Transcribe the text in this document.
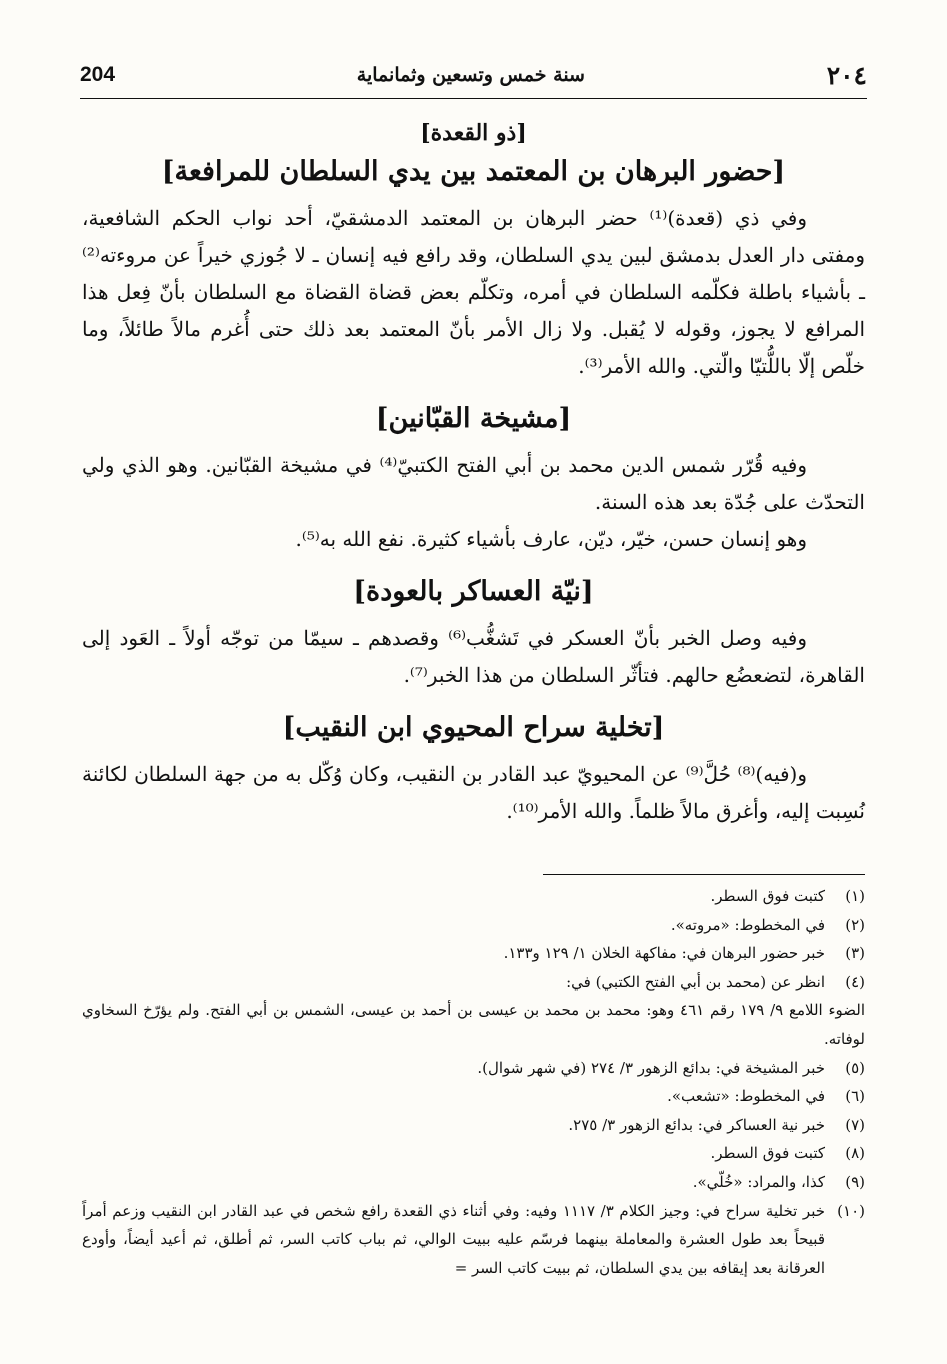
204	سنة خمس وتسعين وثمانماية	٢٠٤
[ذو القعدة]
[حضور البرهان بن المعتمد بين يدي السلطان للمرافعة]

وفي ذي (قعدة)⁽¹⁾ حضر البرهان بن المعتمد الدمشقيّ، أحد نواب الحكم الشافعية، ومفتى دار العدل بدمشق لبين يدي السلطان، وقد رافع فيه إنسان ـ لا جُوزي خيراً عن مروءته⁽²⁾ ـ بأشياء باطلة فكلّمه السلطان في أمره، وتكلّم بعض قضاة القضاة مع السلطان بأنّ فِعل هذا المرافع لا يجوز، وقوله لا يُقبل. ولا زال الأمر بأنّ المعتمد بعد ذلك حتى أُغرم مالاً طائلاً، وما خلّص إلّا باللُّتيّا والّتي. والله الأمر⁽³⁾.

[مشيخة القبّانين]

وفيه قُرّر شمس الدين محمد بن أبي الفتح الكتبيّ⁽⁴⁾ في مشيخة القبّانين. وهو الذي ولي التحدّث على جُدّة بعد هذه السنة.

وهو إنسان حسن، خيّر، ديّن، عارف بأشياء كثيرة. نفع الله به⁽⁵⁾.

[نيّة العساكر بالعودة]

وفيه وصل الخبر بأنّ العسكر في تَشغُّب⁽⁶⁾ وقصدهم ـ سيمّا من توجّه أولاً ـ العَود إلى القاهرة، لتضعضُع حالهم. فتأثّر السلطان من هذا الخبر⁽⁷⁾.

[تخلية سراح المحيوي ابن النقيب]

و(فيه)⁽⁸⁾ حُلَّ⁽⁹⁾ عن المحيويّ عبد القادر بن النقيب، وكان وُكّل به من جهة السلطان لكائنة نُسِبت إليه، وأغرق مالاً ظلماً. والله الأمر⁽¹⁰⁾.

(١)
كتبت فوق السطر.
(٢)
في المخطوط: «مروته».
(٣)
خبر حضور البرهان في: مفاكهة الخلان ١/ ١٢٩ و١٣٣.
(٤)
انظر عن (محمد بن أبي الفتح الكتبي) في:
الضوء اللامع ٩/ ١٧٩ رقم ٤٦١ وهو: محمد بن محمد بن عيسى بن أحمد بن عيسى، الشمس بن أبي الفتح. ولم يؤرّخ السخاوي لوفاته.
(٥)
خبر المشيخة في: بدائع الزهور ٣/ ٢٧٤ (في شهر شوال).
(٦)
في المخطوط: «تشعب».
(٧)
خبر نية العساكر في: بدائع الزهور ٣/ ٢٧٥.
(٨)
كتبت فوق السطر.
(٩)
كذا، والمراد: «خُلّي».
(١٠)
خبر تخلية سراح في: وجيز الكلام ٣/ ١١١٧ وفيه: وفي أثناء ذي القعدة رافع شخص في عبد القادر ابن النقيب وزعم أمراً قبيحاً بعد طول العشرة والمعاملة بينهما فرسّم عليه ببيت الوالي، ثم بباب كاتب السر، ثم أطلق، ثم أعيد أيضاً، وأودع العرقانة بعد إيقافه بين يدي السلطان، ثم ببيت كاتب السر =
